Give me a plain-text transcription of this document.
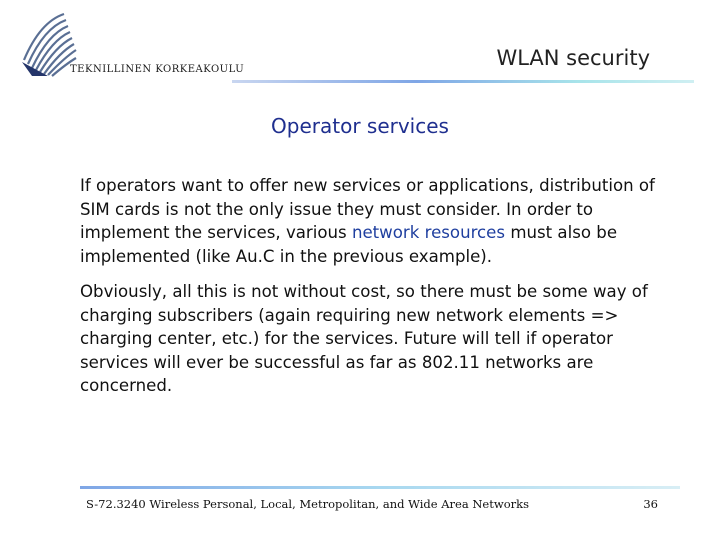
TEKNILLINEN KORKEAKOULU	WLAN security
Operator services

If operators want to offer new services or applications, distribution of SIM cards is not the only issue they must consider. In order to implement the services, various network resources must also be implemented (like Au.C in the previous example).

Obviously, all this is not without cost, so there must be some way of charging subscribers (again requiring new network elements => charging center, etc.) for the services. Future will tell if operator services will ever be successful as far as 802.11 networks are concerned.

S-72.3240 Wireless Personal, Local, Metropolitan, and Wide Area Networks	36
